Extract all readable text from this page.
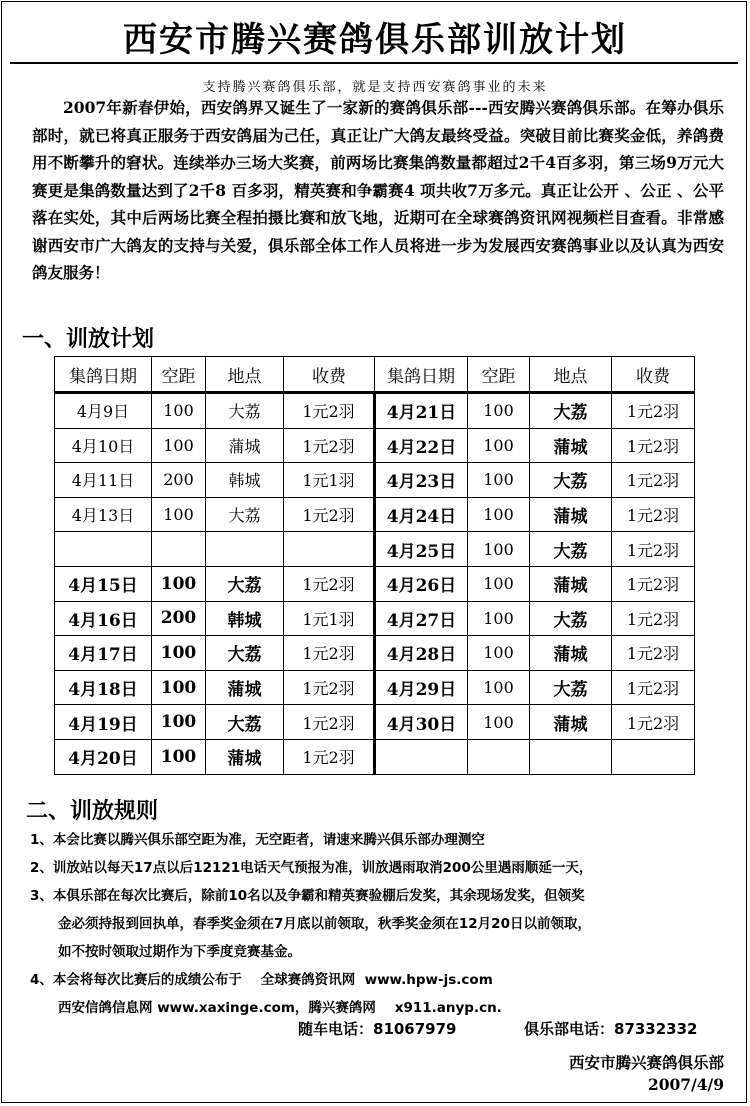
西安市腾兴赛鸽俱乐部训放计划
支持腾兴赛鸽俱乐部，就是支持西安赛鸽事业的未来
2007年新春伊始，西安鸽界又诞生了一家新的赛鸽俱乐部---西安腾兴赛鸽俱乐部。在筹办俱乐部时，就已将真正服务于西安鸽届为己任，真正让广大鸽友最终受益。突破目前比赛奖金低，养鸽费用不断攀升的窘状。连续举办三场大奖赛，前两场比赛集鸽数量都超过2千4百多羽，第三场9万元大赛更是集鸽数量达到了2千8 百多羽，精英赛和争霸赛4 项共收7万多元。真正让公开 、公正 、公平落在实处，其中后两场比赛全程拍摄比赛和放飞地，近期可在全球赛鸽资讯网视频栏目查看。非常感谢西安市广大鸽友的支持与关爱，俱乐部全体工作人员将进一步为发展西安赛鸽事业以及认真为西安鸽友服务！
一、训放计划
集鸽日期	空距	地点	收费	集鸽日期	空距	地点	收费
4月9日	100	大荔	1元2羽	4月21日	100	大荔	1元2羽
4月10日	100	蒲城	1元2羽	4月22日	100	蒲城	1元2羽
4月11日	200	韩城	1元1羽	4月23日	100	大荔	1元2羽
4月13日	100	大荔	1元2羽	4月24日	100	蒲城	1元2羽
				4月25日	100	大荔	1元2羽
4月15日	100	大荔	1元2羽	4月26日	100	蒲城	1元2羽
4月16日	200	韩城	1元1羽	4月27日	100	大荔	1元2羽
4月17日	100	大荔	1元2羽	4月28日	100	蒲城	1元2羽
4月18日	100	蒲城	1元2羽	4月29日	100	大荔	1元2羽
4月19日	100	大荔	1元2羽	4月30日	100	蒲城	1元2羽
4月20日	100	蒲城	1元2羽				
二、训放规则
1、本会比赛以腾兴俱乐部空距为准，无空距者，请速来腾兴俱乐部办理测空
2、训放站以每天17点以后12121电话天气预报为准，训放遇雨取消200公里遇雨顺延一天，
3、本俱乐部在每次比赛后，除前10名以及争霸和精英赛验棚后发奖，其余现场发奖，但领奖
金必须持报到回执单，春季奖金须在7月底以前领取，秋季奖金须在12月20日以前领取，
如不按时领取过期作为下季度竞赛基金。
4、本会将每次比赛后的成绩公布于    全球赛鸽资讯网  www.hpw-js.com
西安信鸽信息网 www.xaxinge.com，腾兴赛鸽网    x911.anyp.cn.
随车电话：81067979	俱乐部电话：87332332
西安市腾兴赛鸽俱乐部
2007/4/9
